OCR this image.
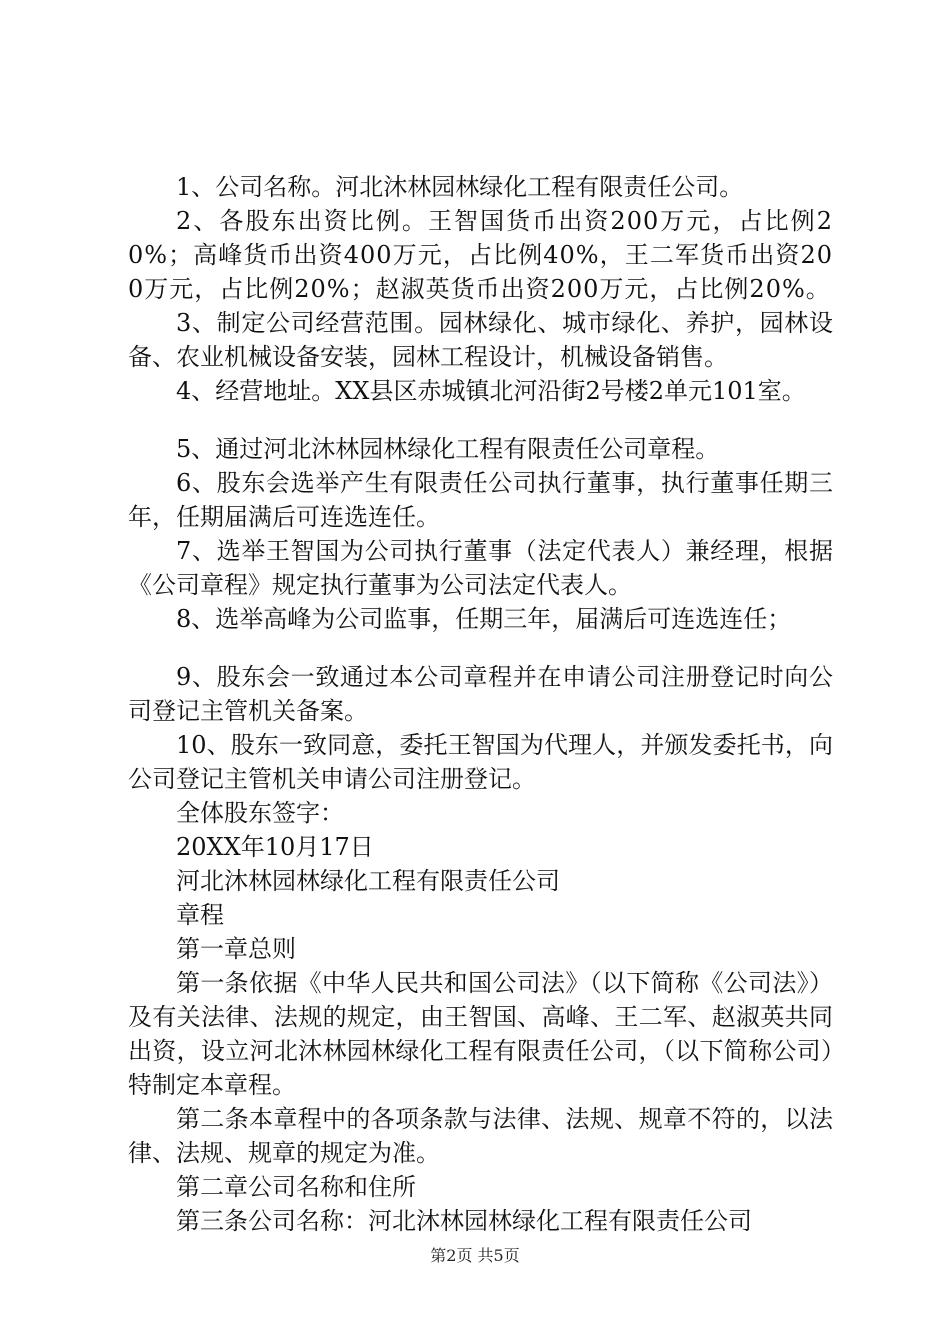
1、公司名称。河北沐林园林绿化工程有限责任公司。

2、各股东出资比例。王智国货币出资200万元，占比例20%；高峰货币出资400万元，占比例40%，王二军货币出资200万元，占比例20%；赵淑英货币出资200万元，占比例20%。

3、制定公司经营范围。园林绿化、城市绿化、养护，园林设备、农业机械设备安装，园林工程设计，机械设备销售。

4、经营地址。XX县区赤城镇北河沿街2号楼2单元101室。

5、通过河北沐林园林绿化工程有限责任公司章程。

6、股东会选举产生有限责任公司执行董事，执行董事任期三年，任期届满后可连选连任。

7、选举王智国为公司执行董事（法定代表人）兼经理，根据《公司章程》规定执行董事为公司法定代表人。

8、选举高峰为公司监事，任期三年，届满后可连选连任；

9、股东会一致通过本公司章程并在申请公司注册登记时向公司登记主管机关备案。

10、股东一致同意，委托王智国为代理人，并颁发委托书，向公司登记主管机关申请公司注册登记。

全体股东签字：

20XX年10月17日

河北沐林园林绿化工程有限责任公司

章程

第一章总则

第一条依据《中华人民共和国公司法》（以下简称《公司法》）及有关法律、法规的规定，由王智国、高峰、王二军、赵淑英共同出资，设立河北沐林园林绿化工程有限责任公司，（以下简称公司）特制定本章程。

第二条本章程中的各项条款与法律、法规、规章不符的，以法律、法规、规章的规定为准。

第二章公司名称和住所

第三条公司名称：河北沐林园林绿化工程有限责任公司

第2页 共5页
